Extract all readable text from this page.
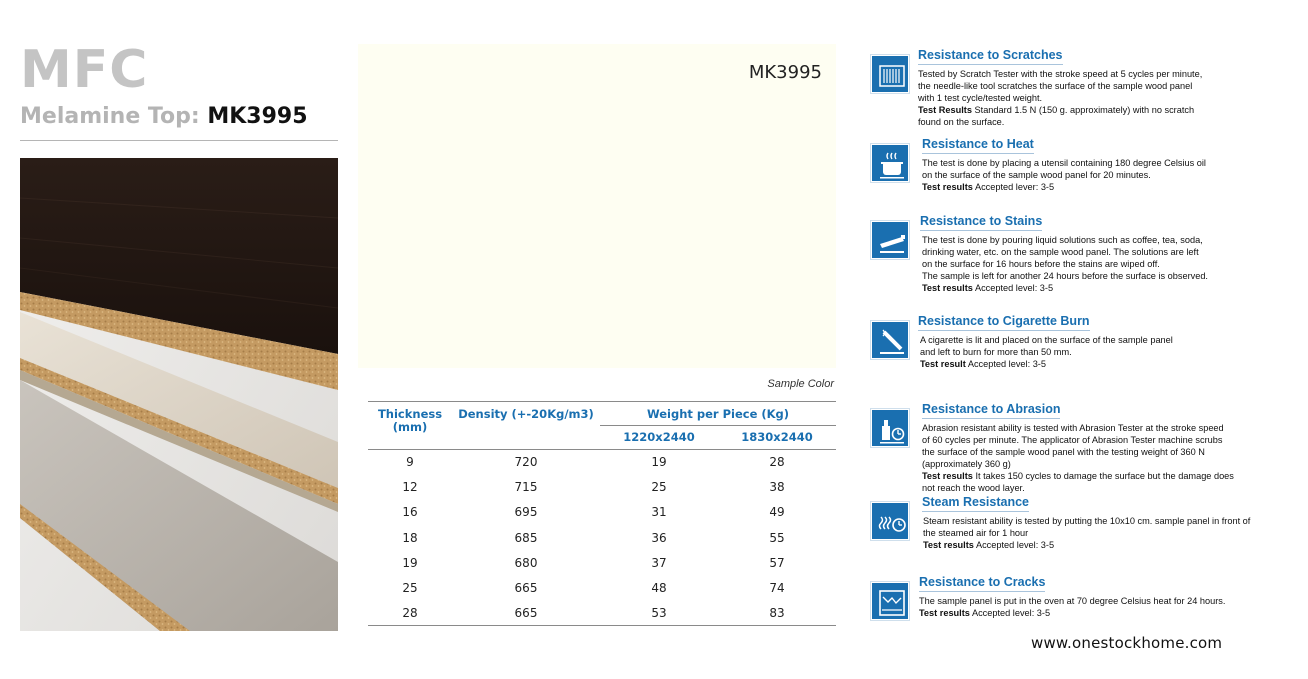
MFC
Melamine Top: MK3995
MK3995
Sample Color
Thickness (mm)	Density (+-20Kg/m3)	Weight per Piece (Kg)	
		1220x2440	1830x2440
9	720	19	28
12	715	25	38
16	695	31	49
18	685	36	55
19	680	37	57
25	665	48	74
28	665	53	83
Resistance to Scratches

Tested by Scratch Tester with the stroke speed at 5 cycles per minute,

the needle-like tool scratches the surface of the sample wood panel

with 1 test cycle/tested weight.

Test Results Standard 1.5 N (150 g. approximately) with no scratch

found on the surface.

Resistance to Heat

The test is done by placing a utensil containing 180 degree Celsius oil

on the surface of the sample wood panel for 20 minutes.

Test results Accepted lever: 3-5

Resistance to Stains

The test is done by pouring liquid solutions such as coffee, tea, soda,

drinking water, etc. on the sample wood panel. The solutions are left

on the surface for 16 hours before the stains are wiped off.

The sample is left for another 24 hours before the surface is observed.

Test results Accepted level: 3-5

Resistance to Cigarette Burn

A cigarette is lit and placed on the surface of the sample panel

and left to burn for more than 50 mm.

Test result Accepted level: 3-5

Resistance to Abrasion

Abrasion resistant ability is tested with Abrasion Tester at the stroke speed

of 60 cycles per minute. The applicator of Abrasion Tester machine scrubs

the surface of the sample wood panel with the testing weight of 360 N

(approximately 360 g)

Test results It takes 150 cycles to damage the surface but the damage does

not reach the wood layer.

Steam Resistance

Steam resistant ability is tested by putting the 10x10 cm. sample panel in front of

the steamed air for 1 hour

Test results Accepted level: 3-5

Resistance to Cracks

The sample panel is put in the oven at 70 degree Celsius heat for 24 hours.

Test results Accepted level: 3-5

www.onestockhome.com
